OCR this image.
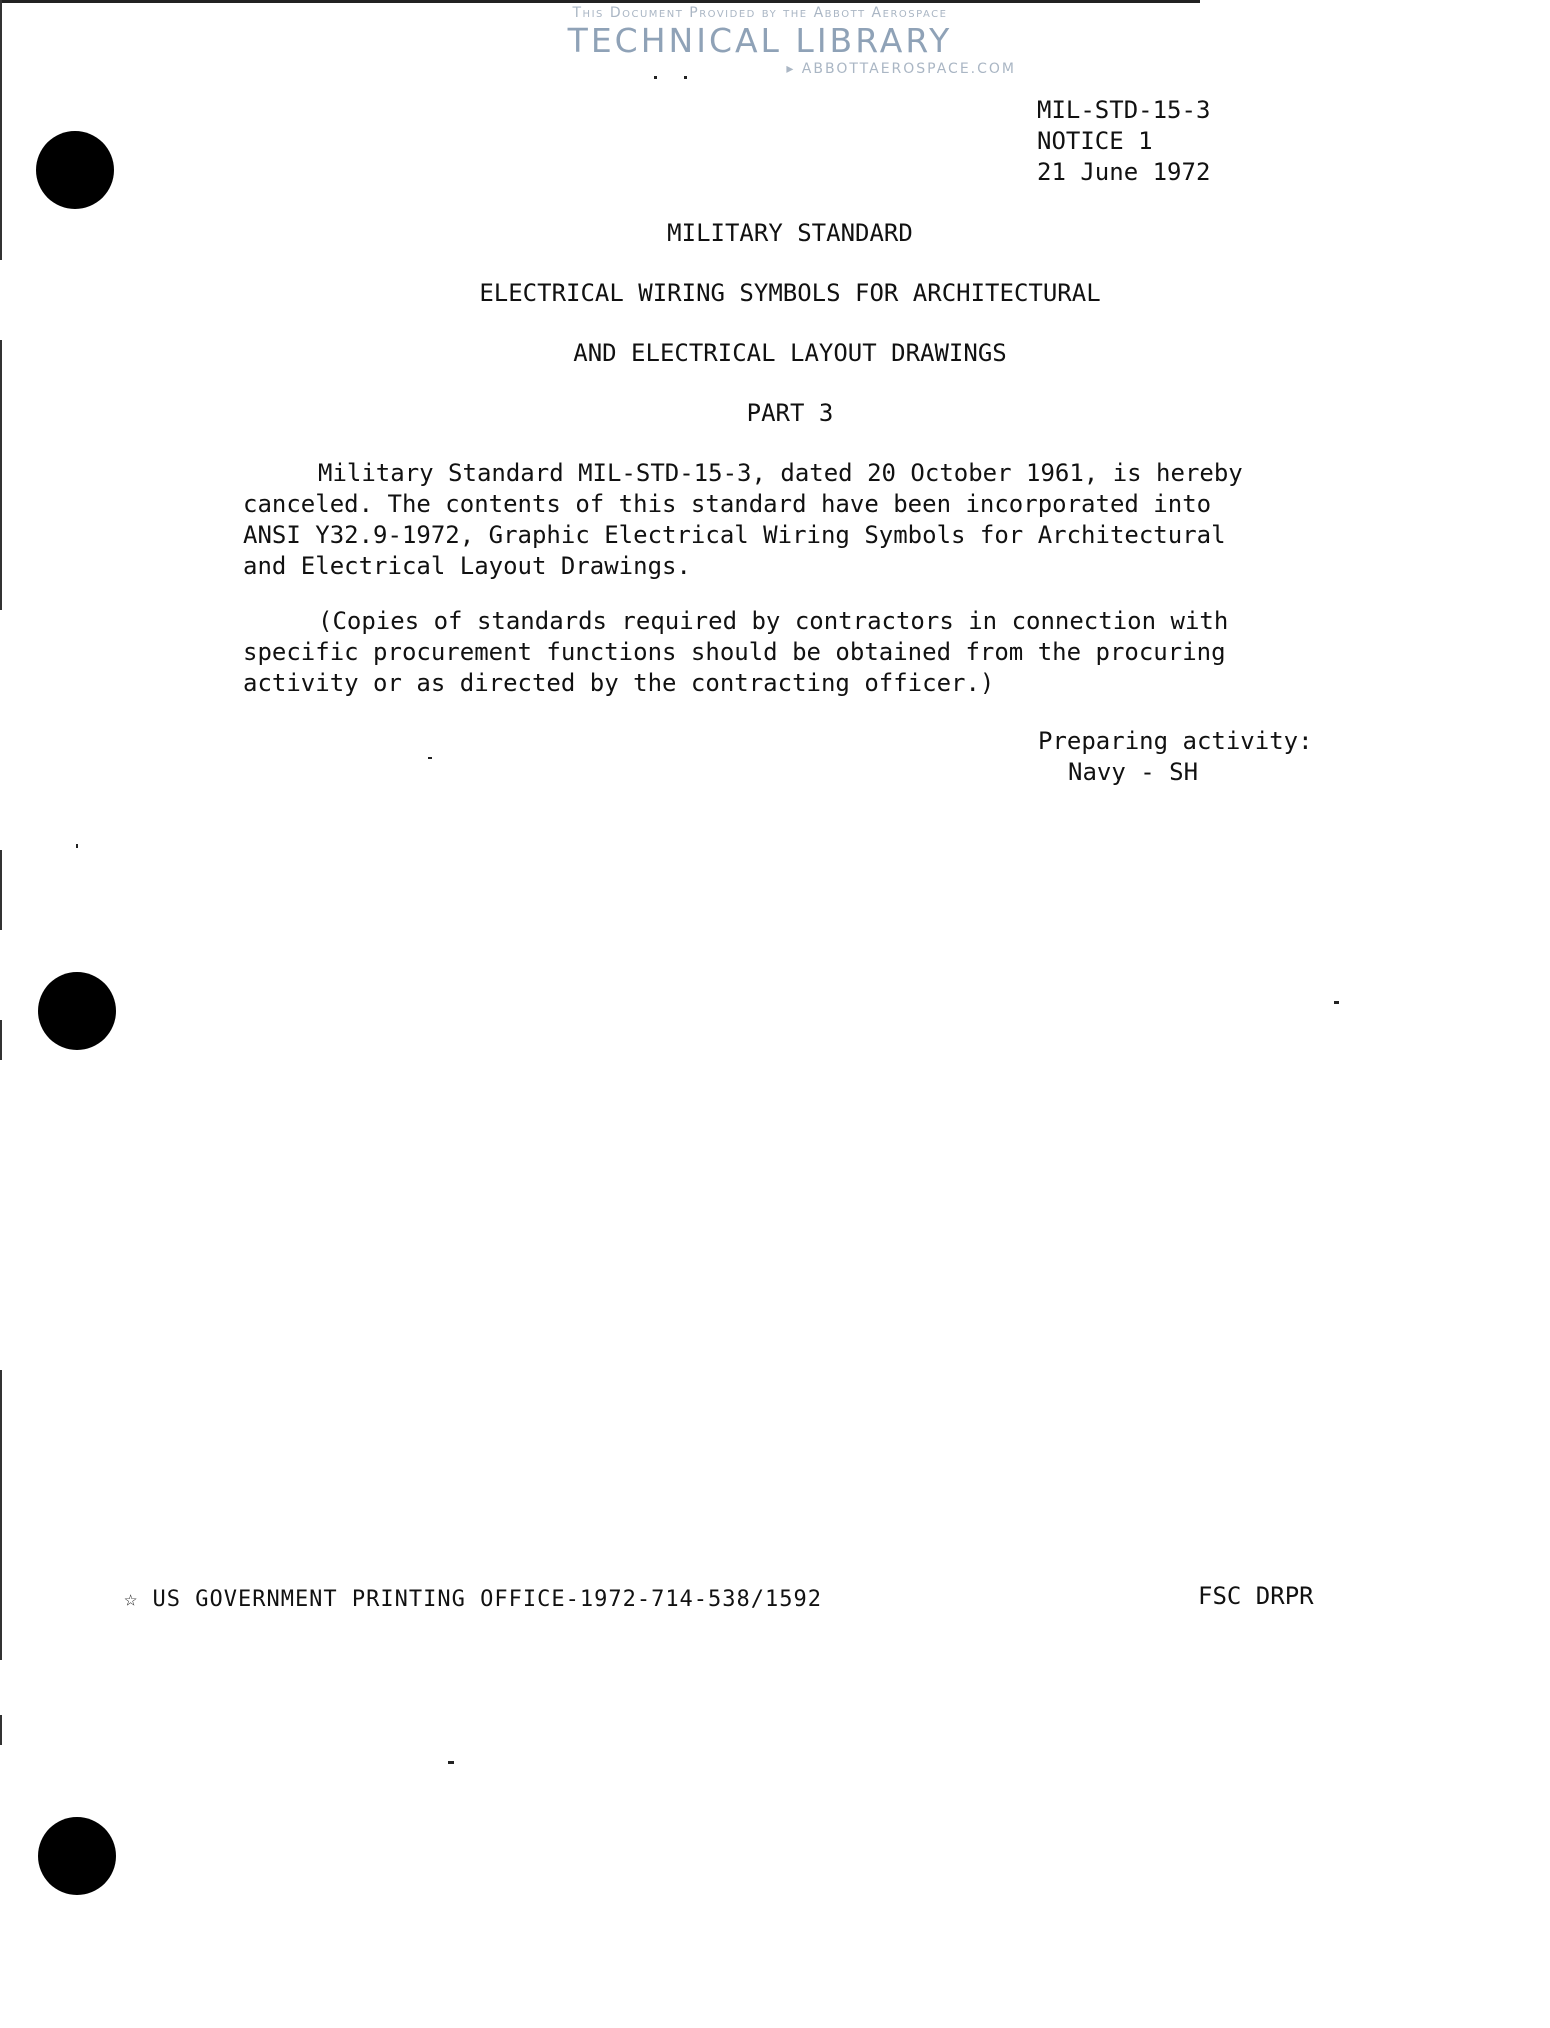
This Document Provided by the Abbott Aerospace
TECHNICAL LIBRARY
▸ ABBOTTAEROSPACE.COM
MIL-STD-15-3
NOTICE 1
21 June 1972
MILITARY STANDARD
ELECTRICAL WIRING SYMBOLS FOR ARCHITECTURAL
AND ELECTRICAL LAYOUT DRAWINGS
PART 3

Military Standard MIL-STD-15-3, dated 20 October 1961, is hereby canceled. The contents of this standard have been incorporated into ANSI Y32.9-1972, Graphic Electrical Wiring Symbols for Architectural and Electrical Layout Drawings.

(Copies of standards required by contractors in connection with specific procurement functions should be obtained from the procuring activity or as directed by the contracting officer.)

Preparing activity:
Navy - SH
☆ US GOVERNMENT PRINTING OFFICE-1972-714-538/1592	FSC DRPR
